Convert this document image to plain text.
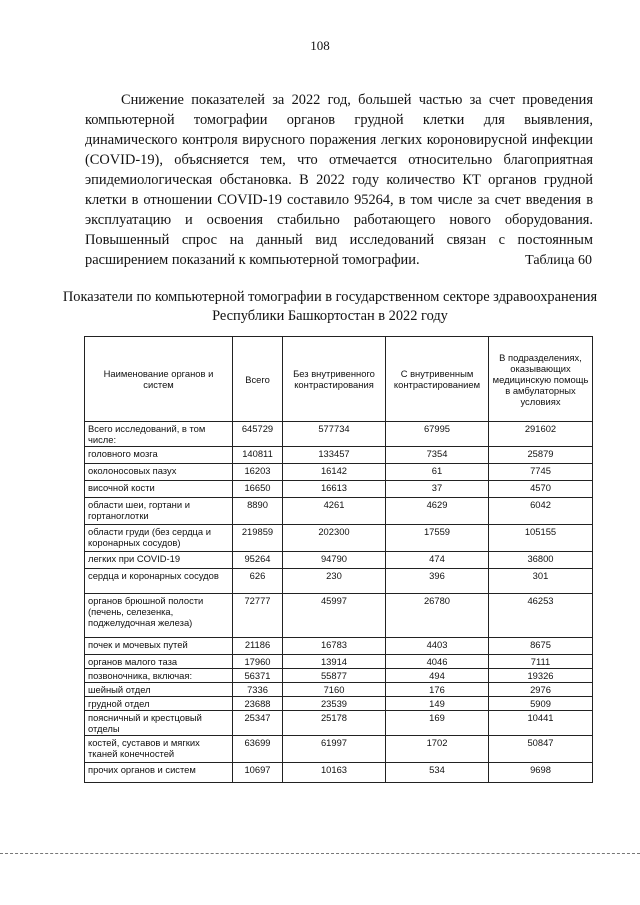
108

Снижение показателей за 2022 год, большей частью за счет проведения компьютерной томографии органов грудной клетки для выявления, динамического контроля вирусного поражения легких короновирусной инфекции (COVID-19), объясняется тем, что отмечается относительно благоприятная эпидемиологическая обстановка. В 2022 году количество КТ органов грудной клетки в отношении COVID-19 составило 95264, в том числе за счет введения в эксплуатацию и освоения стабильно работающего нового оборудования. Повышенный спрос на данный вид исследований связан с постоянным расширением показаний к компьютерной томографии.	Таблица 60
Показатели по компьютерной томографии в государственном секторе здравоохранения Республики Башкортостан в 2022 году
Наименование органов и систем	Всего	Без внутривенного контрастирования	С внутривенным контрастированием	В подразделениях, оказывающих медицинскую помощь в амбулаторных условиях
Всего исследований, в том числе:	645729	577734	67995	291602
головного мозга	140811	133457	7354	25879
околоносовых пазух	16203	16142	61	7745
височной кости	16650	16613	37	4570
области шеи, гортани и гортаноглотки	8890	4261	4629	6042
области груди (без сердца и коронарных сосудов)	219859	202300	17559	105155
легких при COVID-19	95264	94790	474	36800
сердца и коронарных сосудов	626	230	396	301
органов брюшной полости (печень, селезенка, поджелудочная железа)	72777	45997	26780	46253
почек и мочевых путей	21186	16783	4403	8675
органов малого таза	17960	13914	4046	7111
позвоночника, включая:	56371	55877	494	19326
шейный отдел	7336	7160	176	2976
грудной отдел	23688	23539	149	5909
поясничный и крестцовый отделы	25347	25178	169	10441
костей, суставов и мягких тканей конечностей	63699	61997	1702	50847
прочих органов и систем	10697	10163	534	9698
